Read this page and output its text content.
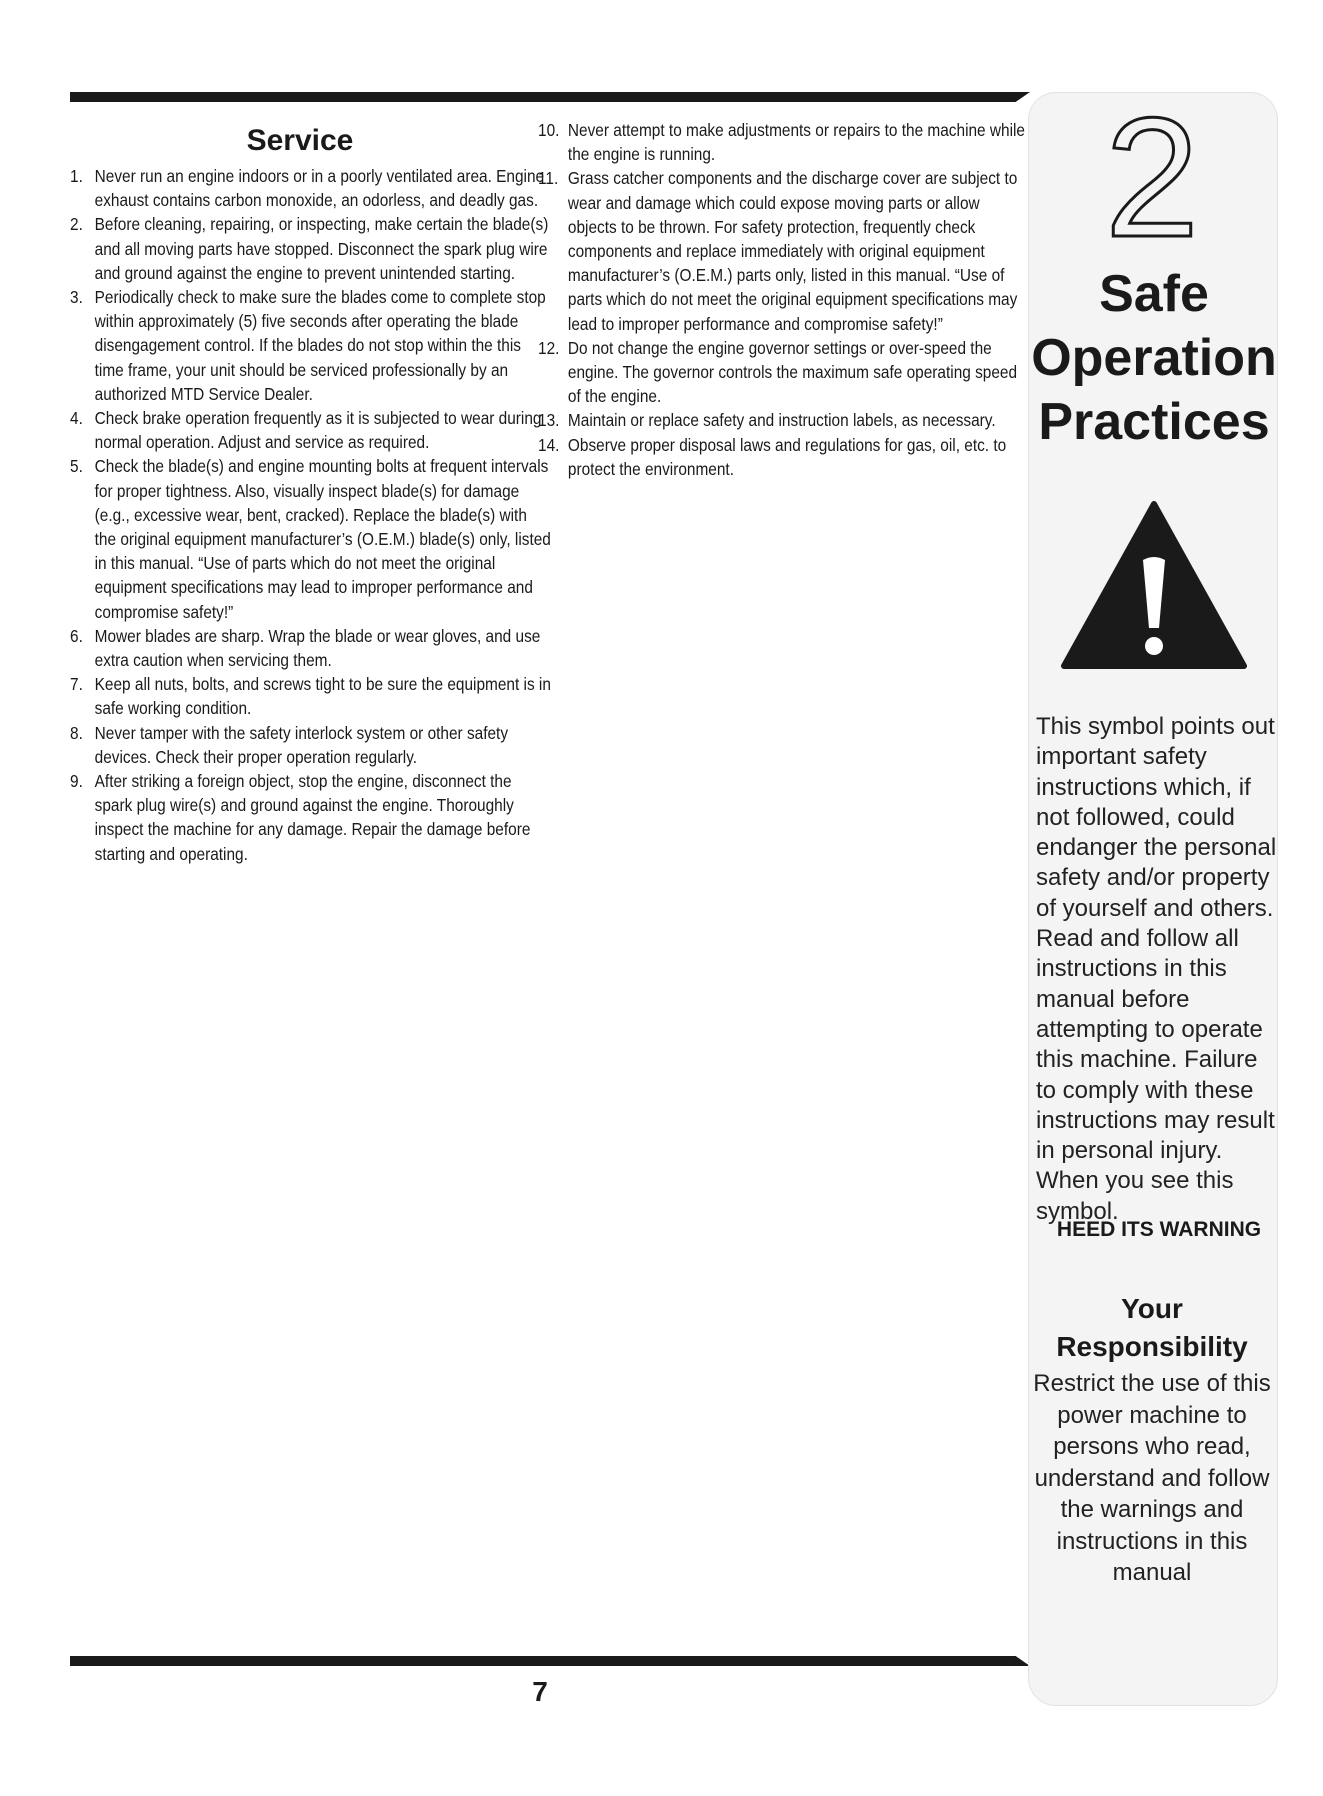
Service
1. Never run an engine indoors or in a poorly ventilated area. Engine exhaust contains carbon monoxide, an odorless, and deadly gas.
2. Before cleaning, repairing, or inspecting, make certain the blade(s) and all moving parts have stopped. Disconnect the spark plug wire and ground against the engine to prevent unintended starting.
3. Periodically check to make sure the blades come to complete stop within approximately (5) five seconds after operating the blade disengagement control. If the blades do not stop within the this time frame, your unit should be serviced professionally by an authorized MTD Service Dealer.
4. Check brake operation frequently as it is subjected to wear during normal operation. Adjust and service as required.
5. Check the blade(s) and engine mounting bolts at frequent intervals for proper tightness. Also, visually inspect blade(s) for damage (e.g., excessive wear, bent, cracked). Replace the blade(s) with the original equipment manufacturer’s (O.E.M.) blade(s) only, listed in this manual. “Use of parts which do not meet the original equipment specifications may lead to improper performance and compromise safety!”
6. Mower blades are sharp. Wrap the blade or wear gloves, and use extra caution when servicing them.
7. Keep all nuts, bolts, and screws tight to be sure the equipment is in safe working condition.
8. Never tamper with the safety interlock system or other safety devices. Check their proper operation regularly.
9. After striking a foreign object, stop the engine, disconnect the spark plug wire(s) and ground against the engine. Thoroughly inspect the machine for any damage. Repair the damage before starting and operating.
10. Never attempt to make adjustments or repairs to the machine while the engine is running.
11. Grass catcher components and the discharge cover are subject to wear and damage which could expose moving parts or allow objects to be thrown. For safety protection, frequently check components and replace immediately with original equipment manufacturer’s (O.E.M.) parts only, listed in this manual. “Use of parts which do not meet the original equipment specifications may lead to improper performance and compromise safety!”
12. Do not change the engine governor settings or over-speed the engine. The governor controls the maximum safe operating speed of the engine.
13. Maintain or replace safety and instruction labels, as necessary.
14. Observe proper disposal laws and regulations for gas, oil, etc. to protect the environment.
2
Safe
Operation
Practices
This symbol points out important safety instructions which, if not followed, could endanger the personal safety and/or property of yourself and others. Read and follow all instructions in this manual before attempting to operate this machine. Failure to comply with these instructions may result in personal injury. When you see this symbol.
HEED ITS WARNING
Your
Responsibility
Restrict the use of this power machine to persons who read, understand and follow the warnings and instructions in this manual
7
